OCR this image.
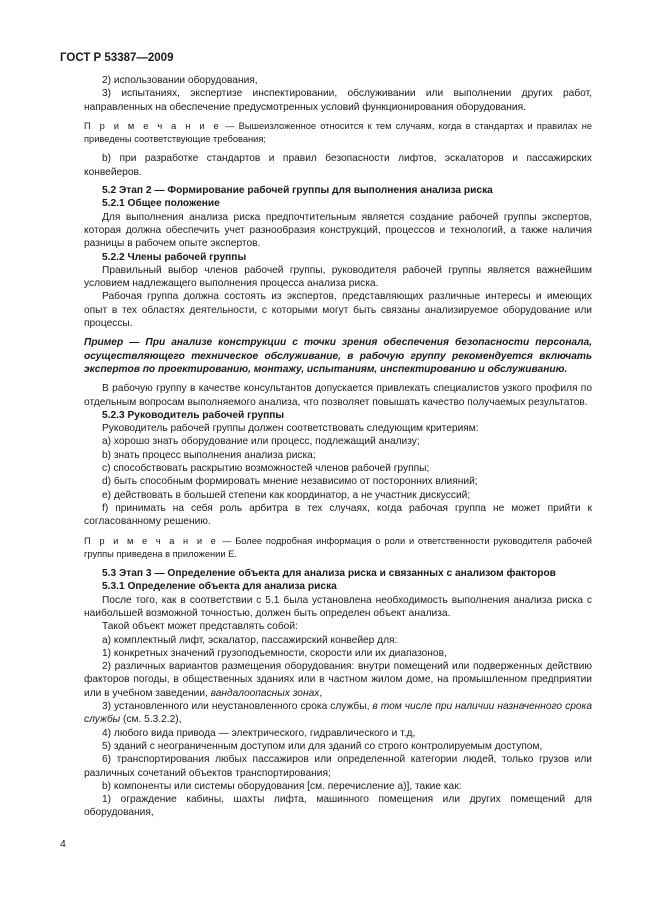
ГОСТ Р 53387—2009

2) использовании оборудования,

3) испытаниях, экспертизе инспектировании, обслуживании или выполнении других работ, направленных на обеспечение предусмотренных условий функционирования оборудования.

П р и м е ч а н и е — Вышеизложенное относится к тем случаям, когда в стандартах и правилах не приведены соответствующие требования;

b) при разработке стандартов и правил безопасности лифтов, эскалаторов и пассажирских конвейеров.

5.2 Этап 2 — Формирование рабочей группы для выполнения анализа риска

5.2.1 Общее положение

Для выполнения анализа риска предпочтительным является создание рабочей группы экспертов, которая должна обеспечить учет разнообразия конструкций, процессов и технологий, а также наличия разницы в рабочем опыте экспертов.

5.2.2 Члены рабочей группы

Правильный выбор членов рабочей группы, руководителя рабочей группы является важнейшим условием надлежащего выполнения процесса анализа риска.

Рабочая группа должна состоять из экспертов, представляющих различные интересы и имеющих опыт в тех областях деятельности, с которыми могут быть связаны анализируемое оборудование или процессы.

Пример — При анализе конструкции с точки зрения обеспечения безопасности персонала, осуществляющего техническое обслуживание, в рабочую группу рекомендуется включать экспертов по проектированию, монтажу, испытаниям, инспектированию и обслуживанию.

В рабочую группу в качестве консультантов допускается привлекать специалистов узкого профиля по отдельным вопросам выполняемого анализа, что позволяет повышать качество получаемых результатов.

5.2.3 Руководитель рабочей группы

Руководитель рабочей группы должен соответствовать следующим критериям:

a) хорошо знать оборудование или процесс, подлежащий анализу;

b) знать процесс выполнения анализа риска;

c) способствовать раскрытию возможностей членов рабочей группы;

d) быть способным формировать мнение независимо от посторонних влияний;

e) действовать в большей степени как координатор, а не участник дискуссий;

f) принимать на себя роль арбитра в тех случаях, когда рабочая группа не может прийти к согласованному решению.

П р и м е ч а н и е — Более подробная информация о роли и ответственности руководителя рабочей группы приведена в приложении Е.

5.3 Этап 3 — Определение объекта для анализа риска и связанных с анализом факторов

5.3.1 Определение объекта для анализа риска

После того, как в соответствии с 5.1 была установлена необходимость выполнения анализа риска с наибольшей возможной точностью, должен быть определен объект анализа.

Такой объект может представлять собой:

a) комплектный лифт, эскалатор, пассажирский конвейер для:

1) конкретных значений грузоподъемности, скорости или их диапазонов,

2) различных вариантов размещения оборудования: внутри помещений или подверженных действию факторов погоды, в общественных зданиях или в частном жилом доме, на промышленном предприятии или в учебном заведении, вандалоопасных зонах,

3) установленного или неустановленного срока службы, в том числе при наличии назначенного срока службы (см. 5.3.2.2),

4) любого вида привода — электрического, гидравлического и т.д,

5) зданий с неограниченным доступом или для зданий со строго контролируемым доступом,

6) транспортирования любых пассажиров или определенной категории людей, только грузов или различных сочетаний объектов транспортирования;

b) компоненты или системы оборудования [см. перечисление а)], такие как:

1) ограждение кабины, шахты лифта, машинного помещения или других помещений для оборудования,

4
